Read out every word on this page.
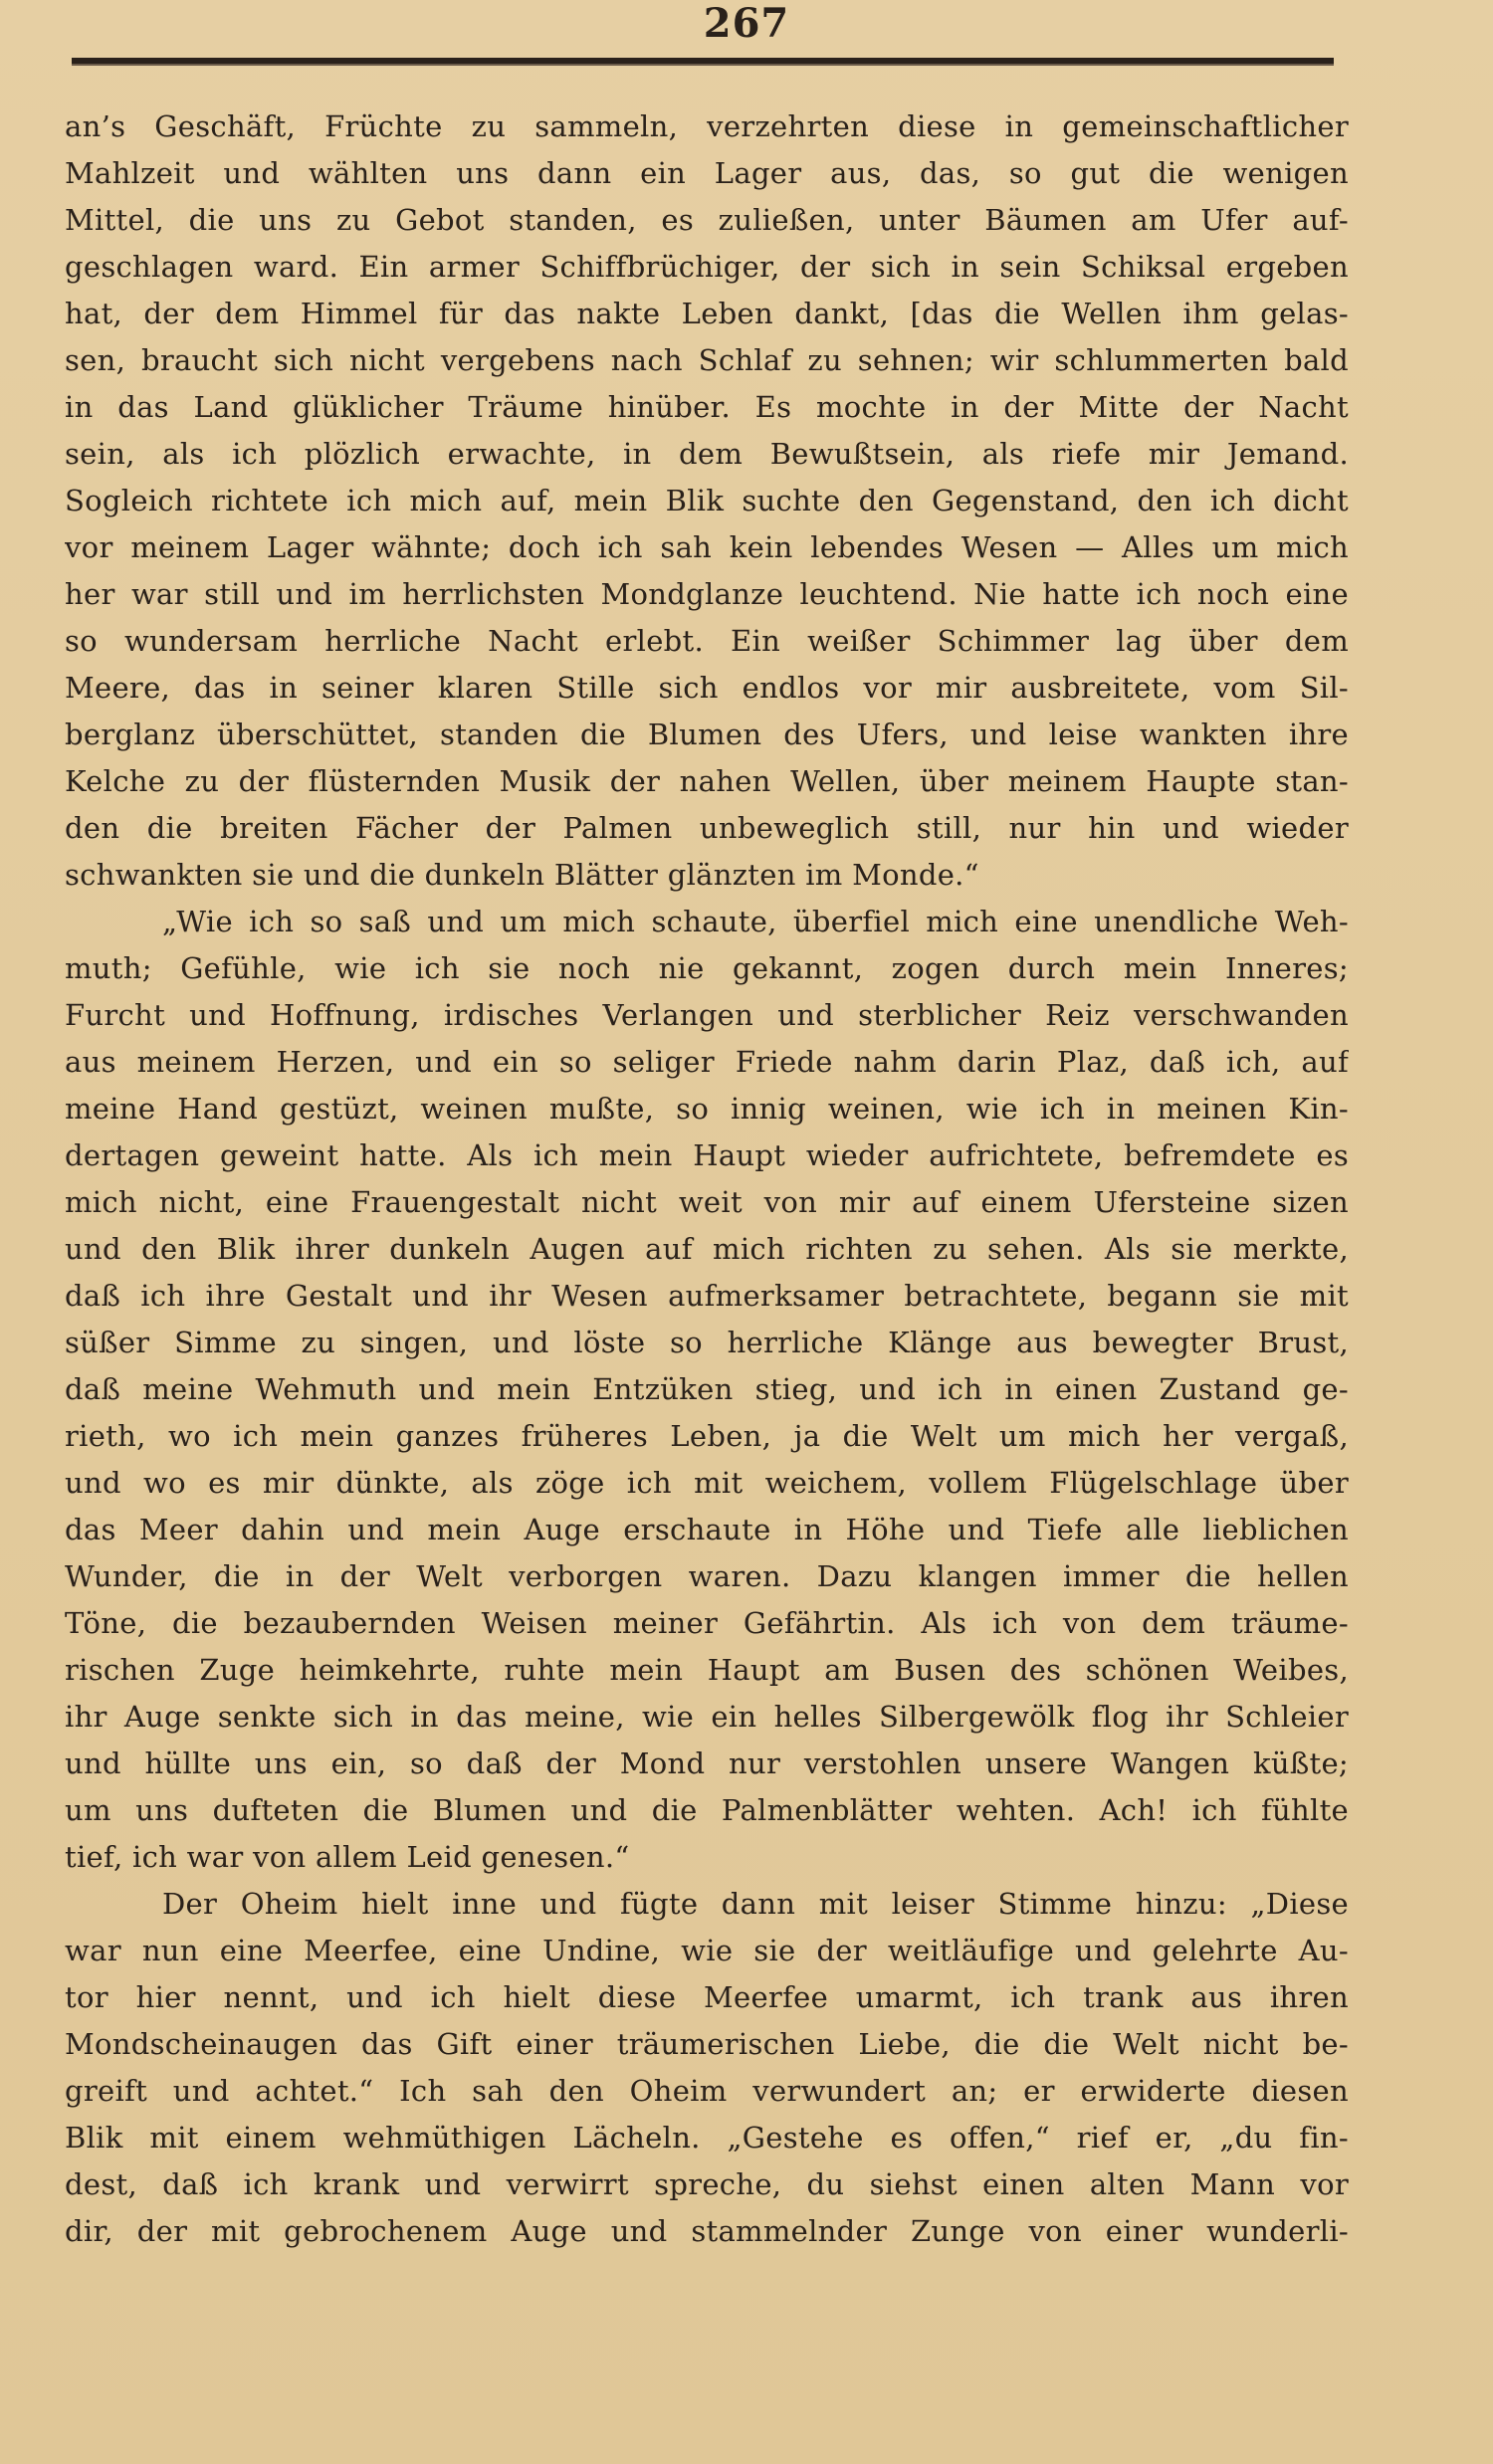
267

an’s Geschäft, Früchte zu sammeln, verzehrten diese in gemeinschaftlicher

Mahlzeit und wählten uns dann ein Lager aus, das, so gut die wenigen

Mittel, die uns zu Gebot standen, es zuließen, unter Bäumen am Ufer auf-

geschlagen ward. Ein armer Schiffbrüchiger, der sich in sein Schiksal ergeben

hat, der dem Himmel für das nakte Leben dankt, [das die Wellen ihm gelas-

sen, braucht sich nicht vergebens nach Schlaf zu sehnen; wir schlummerten bald

in das Land glüklicher Träume hinüber. Es mochte in der Mitte der Nacht

sein, als ich plözlich erwachte, in dem Bewußtsein, als riefe mir Jemand.

Sogleich richtete ich mich auf, mein Blik suchte den Gegenstand, den ich dicht

vor meinem Lager wähnte; doch ich sah kein lebendes Wesen — Alles um mich

her war still und im herrlichsten Mondglanze leuchtend. Nie hatte ich noch eine

so wundersam herrliche Nacht erlebt. Ein weißer Schimmer lag über dem

Meere, das in seiner klaren Stille sich endlos vor mir ausbreitete, vom Sil-

berglanz überschüttet, standen die Blumen des Ufers, und leise wankten ihre

Kelche zu der flüsternden Musik der nahen Wellen, über meinem Haupte stan-

den die breiten Fächer der Palmen unbeweglich still, nur hin und wieder

schwankten sie und die dunkeln Blätter glänzten im Monde.“

„Wie ich so saß und um mich schaute, überfiel mich eine unendliche Weh-

muth; Gefühle, wie ich sie noch nie gekannt, zogen durch mein Inneres;

Furcht und Hoffnung, irdisches Verlangen und sterblicher Reiz verschwanden

aus meinem Herzen, und ein so seliger Friede nahm darin Plaz, daß ich, auf

meine Hand gestüzt, weinen mußte, so innig weinen, wie ich in meinen Kin-

dertagen geweint hatte. Als ich mein Haupt wieder aufrichtete, befremdete es

mich nicht, eine Frauengestalt nicht weit von mir auf einem Ufersteine sizen

und den Blik ihrer dunkeln Augen auf mich richten zu sehen. Als sie merkte,

daß ich ihre Gestalt und ihr Wesen aufmerksamer betrachtete, begann sie mit

süßer Simme zu singen, und löste so herrliche Klänge aus bewegter Brust,

daß meine Wehmuth und mein Entzüken stieg, und ich in einen Zustand ge-

rieth, wo ich mein ganzes früheres Leben, ja die Welt um mich her vergaß,

und wo es mir dünkte, als zöge ich mit weichem, vollem Flügelschlage über

das Meer dahin und mein Auge erschaute in Höhe und Tiefe alle lieblichen

Wunder, die in der Welt verborgen waren. Dazu klangen immer die hellen

Töne, die bezaubernden Weisen meiner Gefährtin. Als ich von dem träume-

rischen Zuge heimkehrte, ruhte mein Haupt am Busen des schönen Weibes,

ihr Auge senkte sich in das meine, wie ein helles Silbergewölk flog ihr Schleier

und hüllte uns ein, so daß der Mond nur verstohlen unsere Wangen küßte;

um uns dufteten die Blumen und die Palmenblätter wehten. Ach! ich fühlte

tief, ich war von allem Leid genesen.“

Der Oheim hielt inne und fügte dann mit leiser Stimme hinzu: „Diese

war nun eine Meerfee, eine Undine, wie sie der weitläufige und gelehrte Au-

tor hier nennt, und ich hielt diese Meerfee umarmt, ich trank aus ihren

Mondscheinaugen das Gift einer träumerischen Liebe, die die Welt nicht be-

greift und achtet.“ Ich sah den Oheim verwundert an; er erwiderte diesen

Blik mit einem wehmüthigen Lächeln. „Gestehe es offen,“ rief er, „du fin-

dest, daß ich krank und verwirrt spreche, du siehst einen alten Mann vor

dir, der mit gebrochenem Auge und stammelnder Zunge von einer wunderli-
